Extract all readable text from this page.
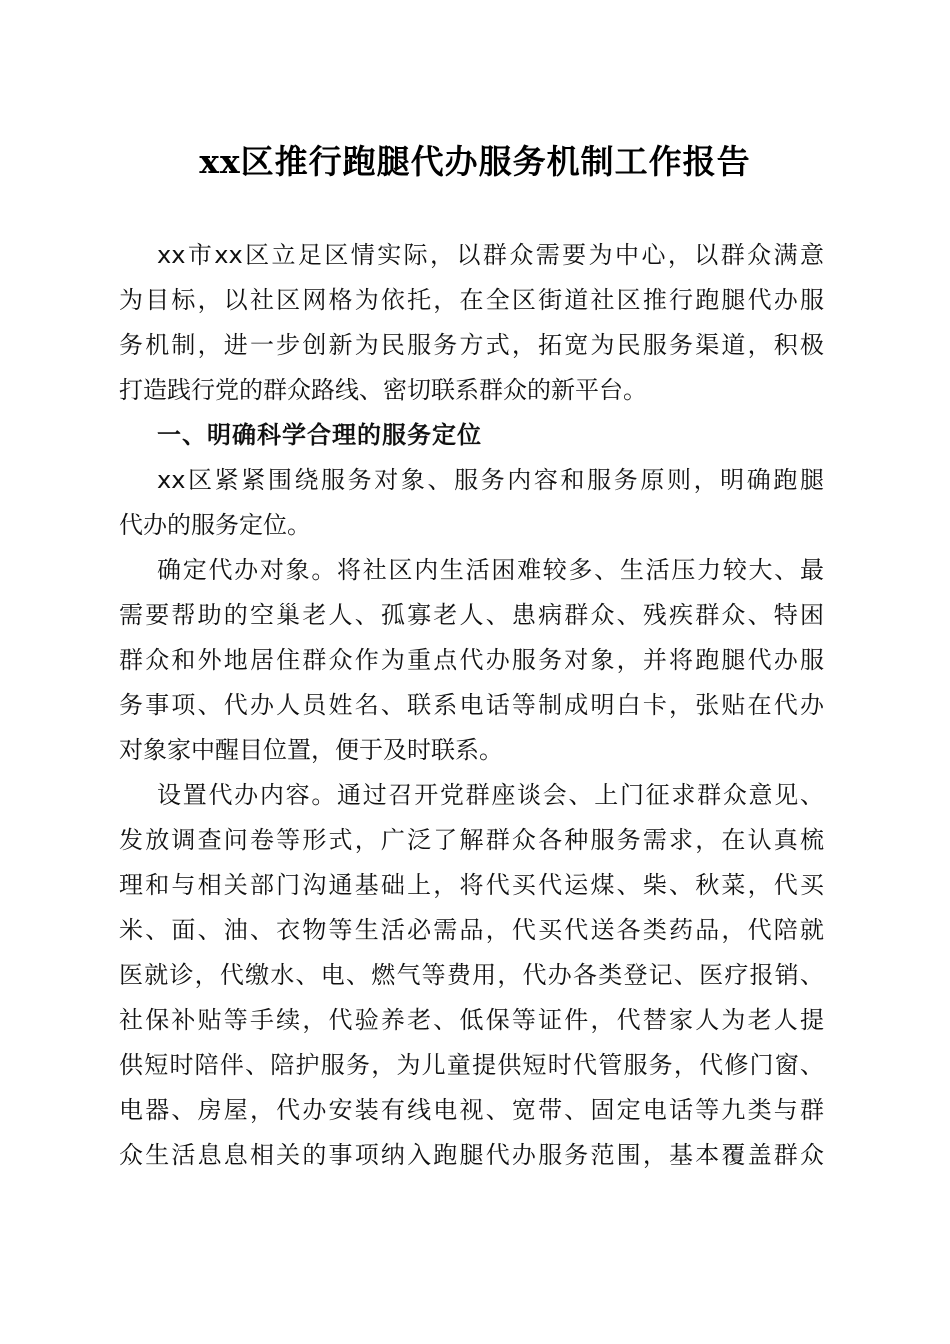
xx区推行跑腿代办服务机制工作报告
xx市xx区立足区情实际，以群众需要为中心，以群众满意
为目标，以社区网格为依托，在全区街道社区推行跑腿代办服
务机制，进一步创新为民服务方式，拓宽为民服务渠道，积极
打造践行党的群众路线、密切联系群众的新平台。
一、明确科学合理的服务定位
xx区紧紧围绕服务对象、服务内容和服务原则，明确跑腿
代办的服务定位。
确定代办对象。将社区内生活困难较多、生活压力较大、最
需要帮助的空巢老人、孤寡老人、患病群众、残疾群众、特困
群众和外地居住群众作为重点代办服务对象，并将跑腿代办服
务事项、代办人员姓名、联系电话等制成明白卡，张贴在代办
对象家中醒目位置，便于及时联系。
设置代办内容。通过召开党群座谈会、上门征求群众意见、
发放调查问卷等形式，广泛了解群众各种服务需求，在认真梳
理和与相关部门沟通基础上，将代买代运煤、柴、秋菜，代买
米、面、油、衣物等生活必需品，代买代送各类药品，代陪就
医就诊，代缴水、电、燃气等费用，代办各类登记、医疗报销、
社保补贴等手续，代验养老、低保等证件，代替家人为老人提
供短时陪伴、陪护服务，为儿童提供短时代管服务，代修门窗、
电器、房屋，代办安装有线电视、宽带、固定电话等九类与群
众生活息息相关的事项纳入跑腿代办服务范围，基本覆盖群众
